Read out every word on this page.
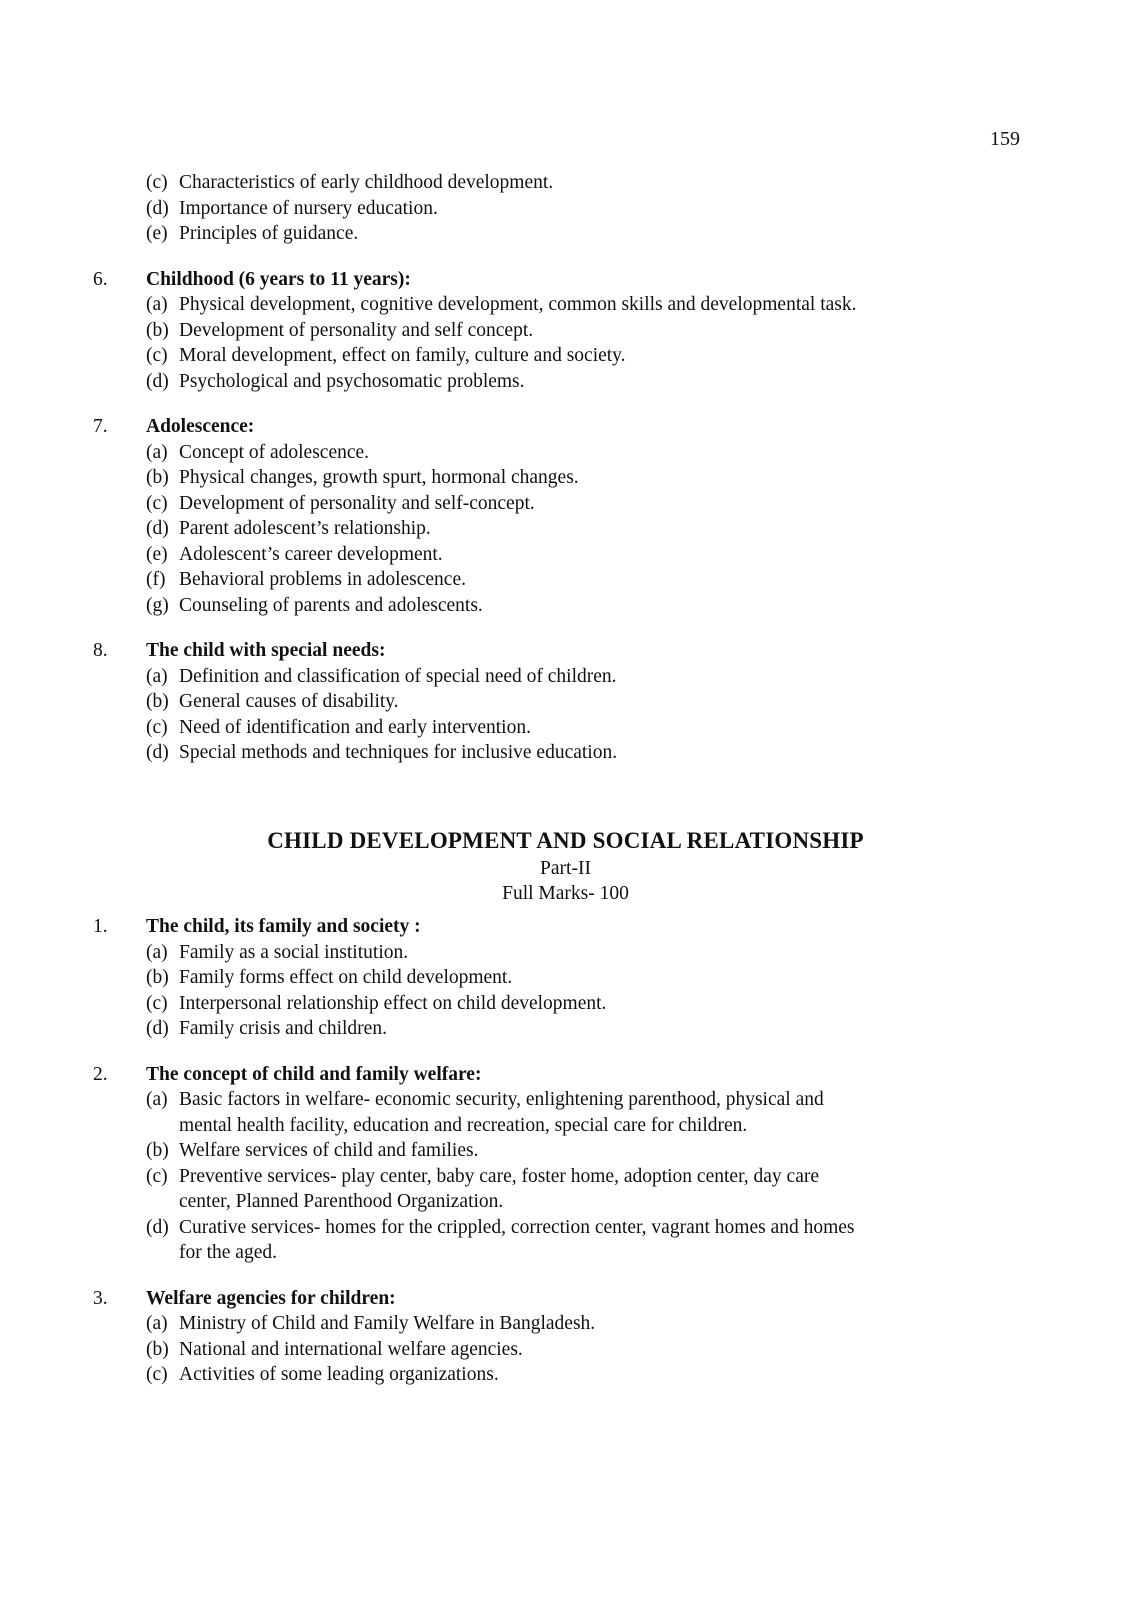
159
(c) Characteristics of early childhood development.
(d) Importance of nursery education.
(e) Principles of guidance.
6. Childhood (6 years to 11 years):
(a) Physical development, cognitive development, common skills and developmental task.
(b) Development of personality and self concept.
(c) Moral development, effect on family, culture and society.
(d) Psychological and psychosomatic problems.
7. Adolescence:
(a) Concept of adolescence.
(b) Physical changes, growth spurt, hormonal changes.
(c) Development of personality and self-concept.
(d) Parent adolescent’s relationship.
(e) Adolescent’s career development.
(f) Behavioral problems in adolescence.
(g) Counseling of parents and adolescents.
8. The child with special needs:
(a) Definition and classification of special need of children.
(b) General causes of disability.
(c) Need of identification and early intervention.
(d) Special methods and techniques for inclusive education.
CHILD DEVELOPMENT AND SOCIAL RELATIONSHIP
Part-II
Full Marks- 100
1. The child, its family and society :
(a) Family as a social institution.
(b) Family forms effect on child development.
(c) Interpersonal relationship effect on child development.
(d) Family crisis and children.
2. The concept of child and family welfare:
(a) Basic factors in welfare- economic security, enlightening parenthood, physical and
mental health facility, education and recreation, special care for children.
(b) Welfare services of child and families.
(c) Preventive services- play center, baby care, foster home, adoption center, day care
center, Planned Parenthood Organization.
(d) Curative services- homes for the crippled, correction center, vagrant homes and homes
for the aged.
3. Welfare agencies for children:
(a) Ministry of Child and Family Welfare in Bangladesh.
(b) National and international welfare agencies.
(c) Activities of some leading organizations.
